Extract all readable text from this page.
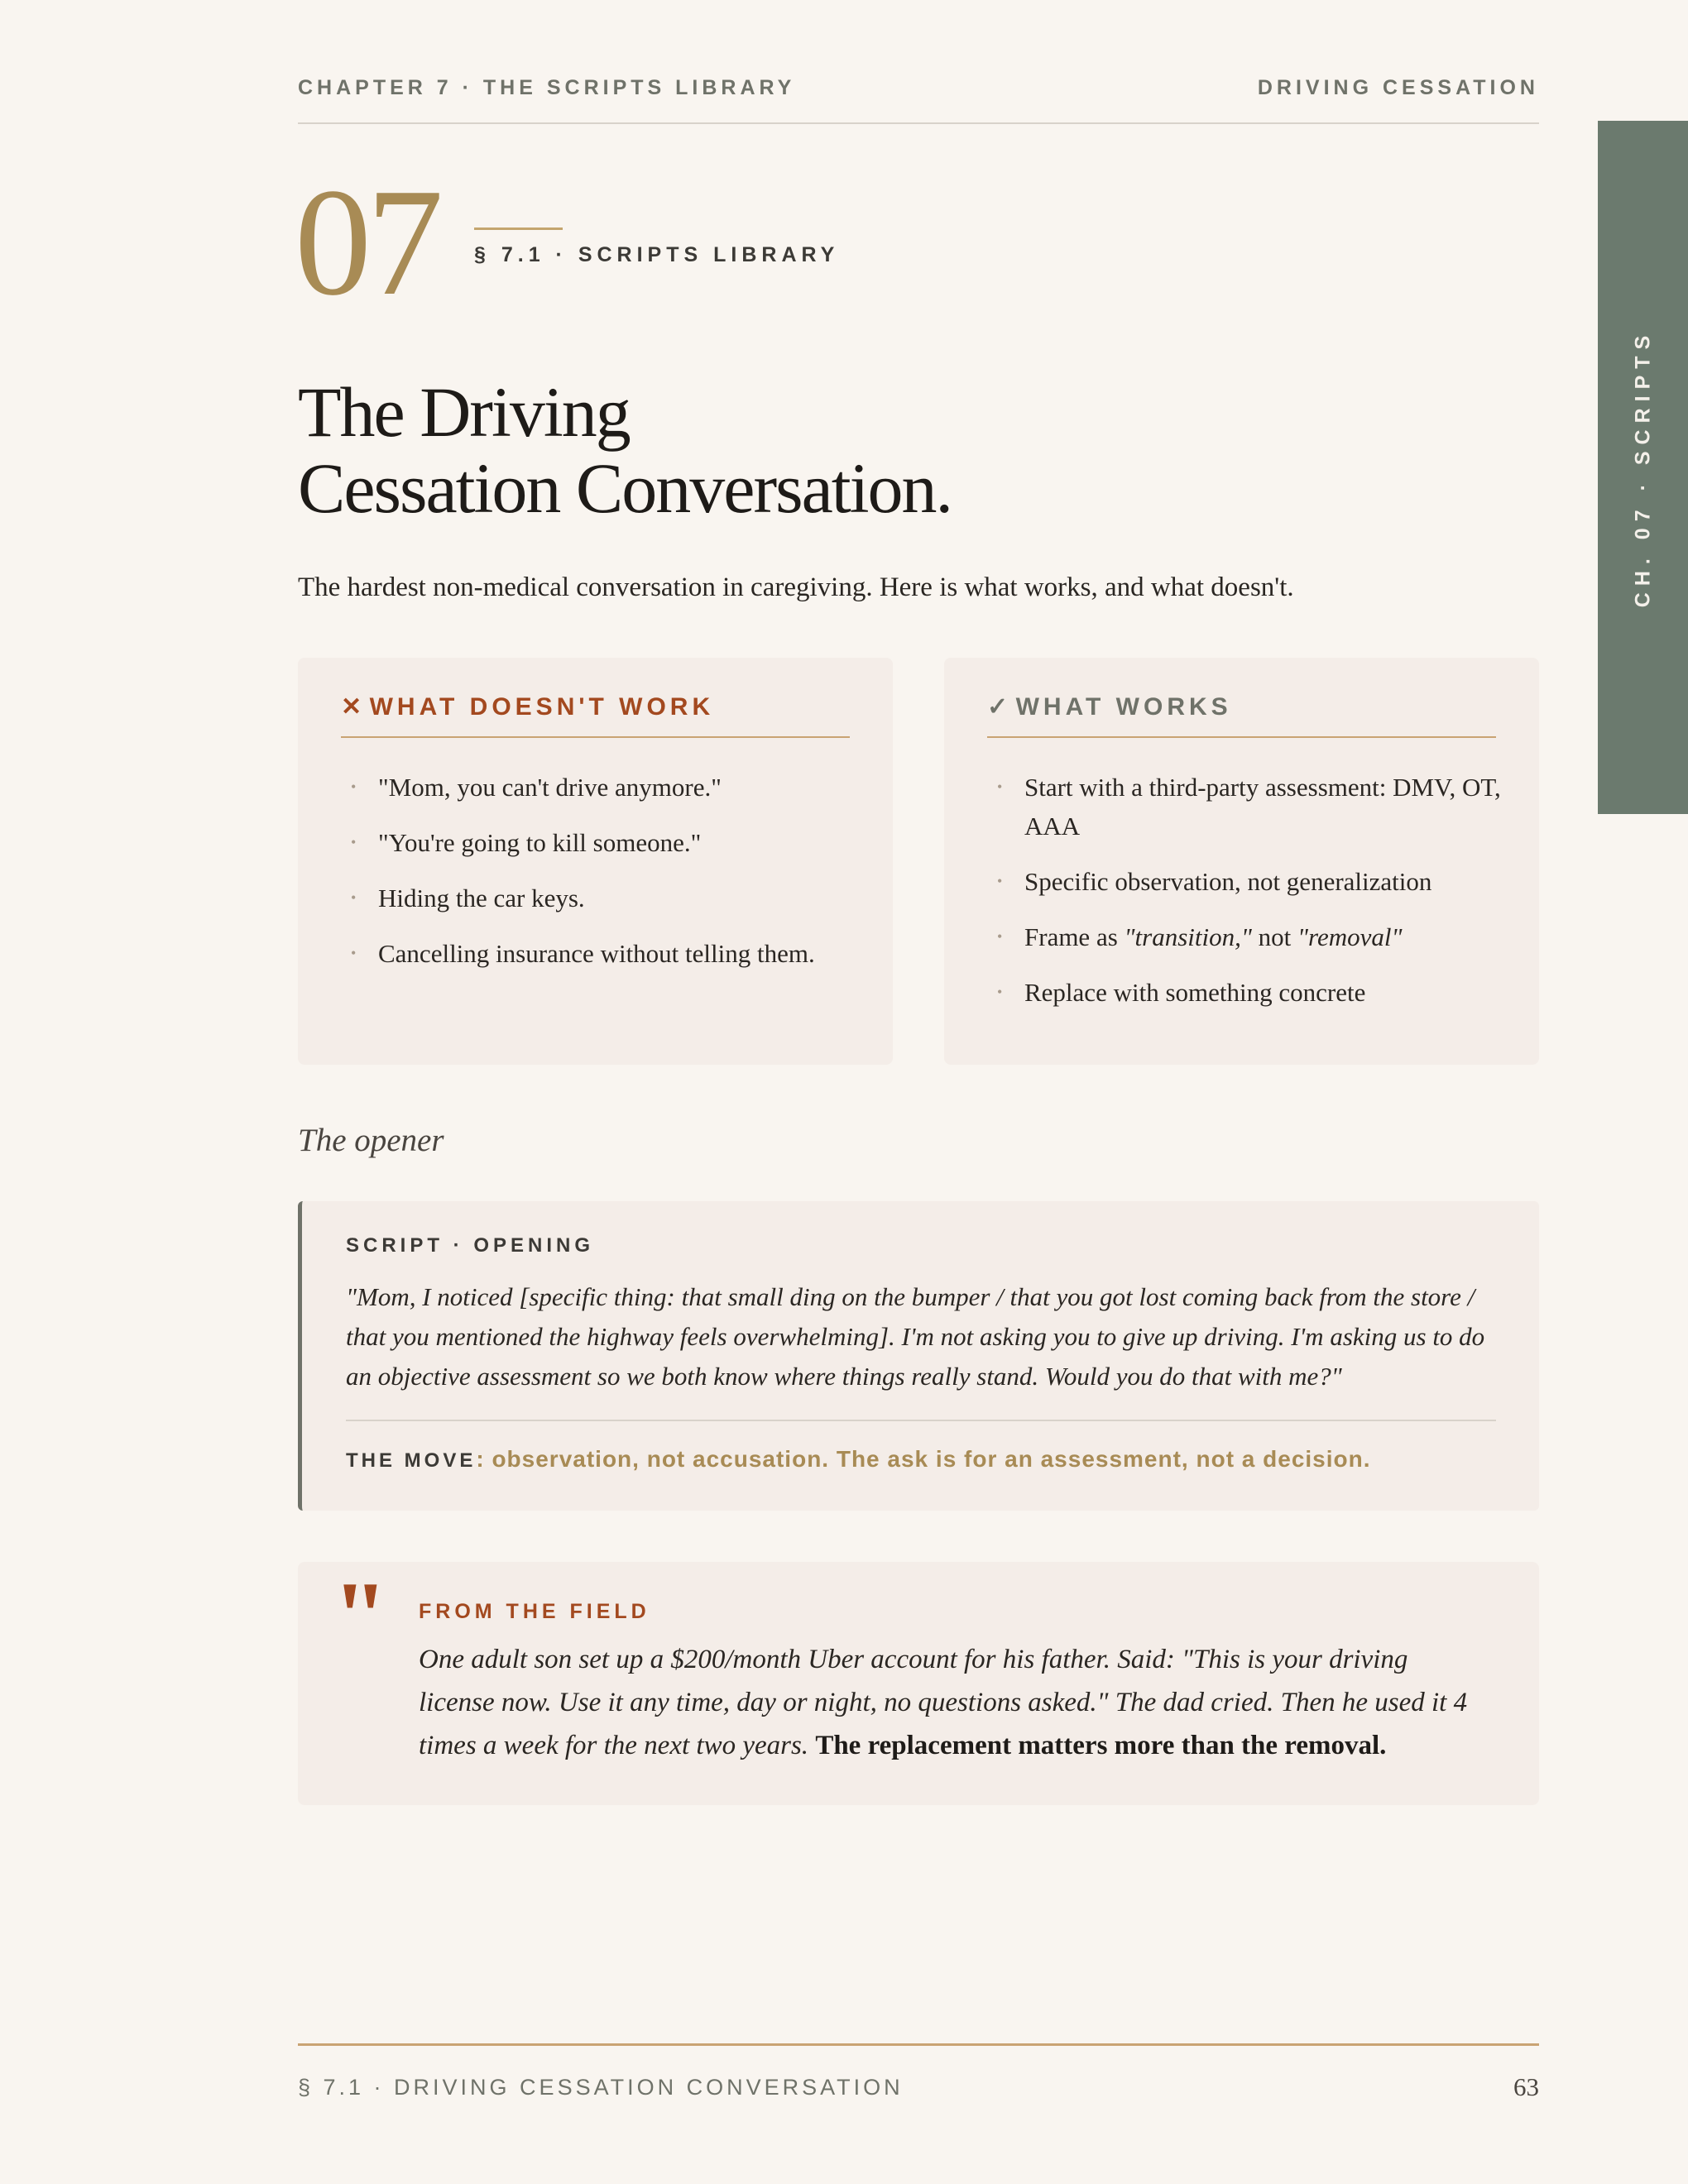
CHAPTER 7 · THE SCRIPTS LIBRARY	DRIVING CESSATION
CH. 07 · SCRIPTS
07 § 7.1 · SCRIPTS LIBRARY
The Driving
Cessation Conversation.
The hardest non-medical conversation in caregiving. Here is what works, and what doesn't.
✕ WHAT DOESN'T WORK
• "Mom, you can't drive anymore."
• "You're going to kill someone."
• Hiding the car keys.
• Cancelling insurance without telling them.
✓ WHAT WORKS
• Start with a third-party assessment: DMV, OT, AAA
• Specific observation, not generalization
• Frame as "transition," not "removal"
• Replace with something concrete
The opener
SCRIPT · OPENING
"Mom, I noticed [specific thing: that small ding on the bumper / that you got lost coming back from the store / that you mentioned the highway feels overwhelming]. I'm not asking you to give up driving. I'm asking us to do an objective assessment so we both know where things really stand. Would you do that with me?"
THE MOVE: observation, not accusation. The ask is for an assessment, not a decision.
" FROM THE FIELD
One adult son set up a $200/month Uber account for his father. Said: "This is your driving license now. Use it any time, day or night, no questions asked." The dad cried. Then he used it 4 times a week for the next two years. The replacement matters more than the removal.
§ 7.1 · DRIVING CESSATION CONVERSATION	63
